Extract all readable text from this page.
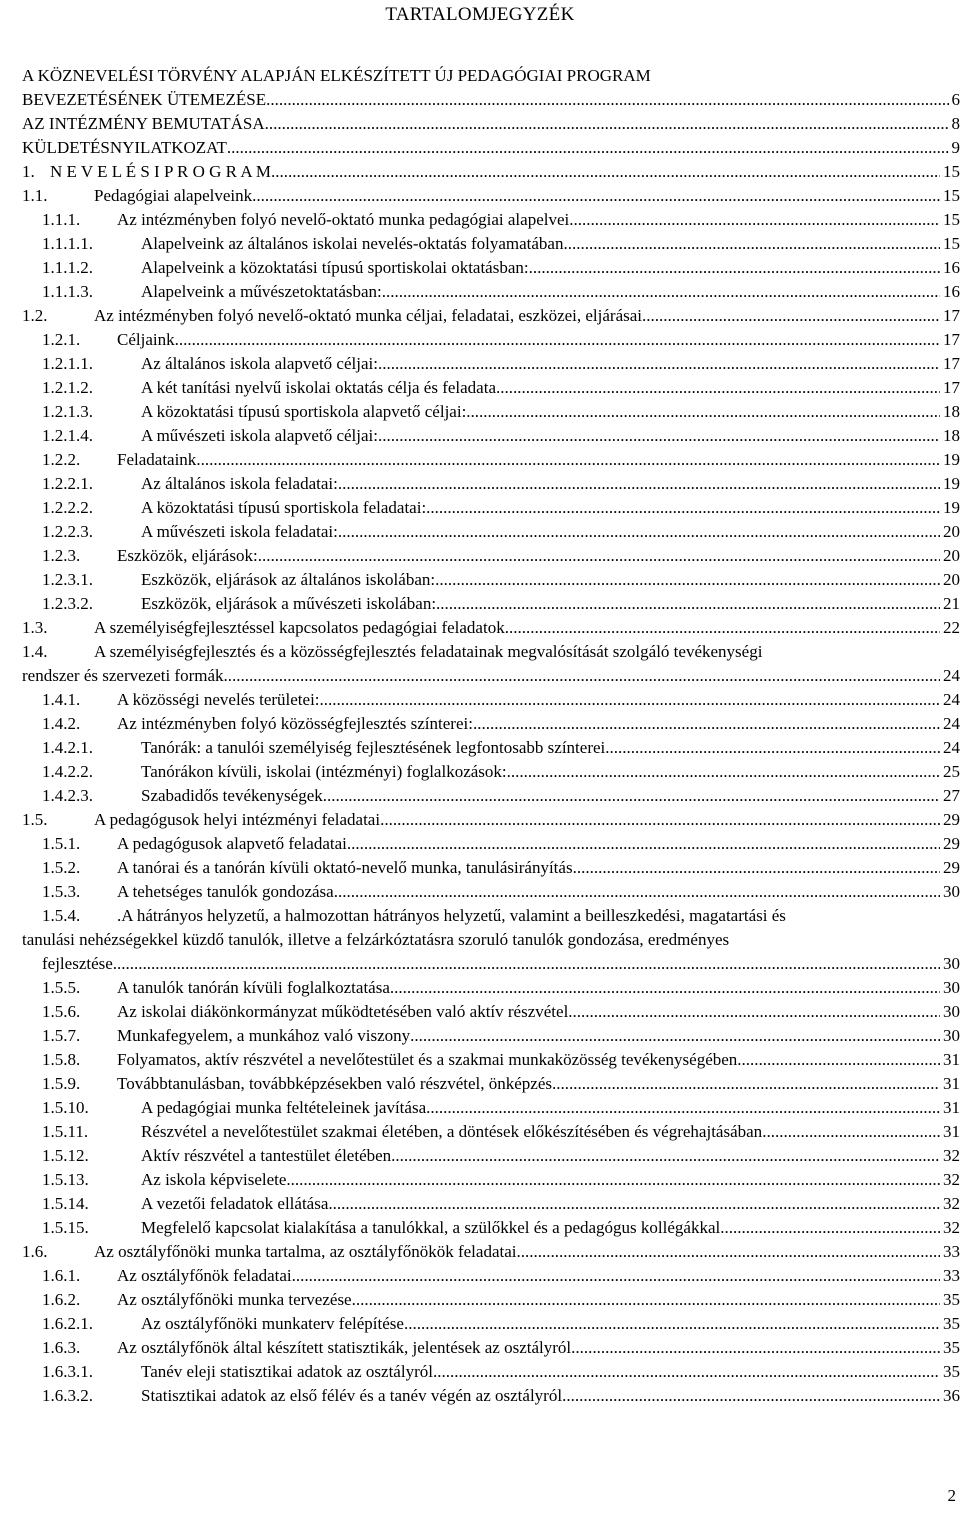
TARTALOMJEGYZÉK
A KÖZNEVELÉSI TÖRVÉNY ALAPJÁN ELKÉSZÍTETT ÚJ PEDAGÓGIAI PROGRAM
BEVEZETÉSÉNEK ÜTEMEZÉSE .....	6
AZ INTÉZMÉNY BEMUTATÁSA .....	8
KÜLDETÉSNYILATKOZAT .....	9
1. N E V E L É S I P R O G R A M .....	15
1.1.	Pedagógiai alapelveink .....	15
1.1.1. Az intézményben folyó nevelő-oktató munka pedagógiai alapelvei .....	15
1.1.1.1.	Alapelveink az általános iskolai nevelés-oktatás folyamatában .....	15
1.1.1.2.	Alapelveink a közoktatási típusú sportiskolai oktatásban: .....	16
1.1.1.3.	Alapelveink a művészetoktatásban: .....	16
1.2.	Az intézményben folyó nevelő-oktató munka céljai, feladatai, eszközei, eljárásai .....	17
1.2.1. Céljaink .....	17
1.2.1.1.	Az általános iskola alapvető céljai: .....	17
1.2.1.2.	A két tanítási nyelvű iskolai oktatás célja és feladata .....	17
1.2.1.3.	A közoktatási típusú sportiskola alapvető céljai: .....	18
1.2.1.4.	A művészeti iskola alapvető céljai: .....	18
1.2.2. Feladataink .....	19
1.2.2.1.	Az általános iskola feladatai: .....	19
1.2.2.2.	A közoktatási típusú sportiskola feladatai: .....	19
1.2.2.3.	A művészeti iskola feladatai: .....	20
1.2.3. Eszközök, eljárások: .....	20
1.2.3.1.	Eszközök, eljárások az általános iskolában: .....	20
1.2.3.2.	Eszközök, eljárások a művészeti iskolában: .....	21
1.3.	A személyiségfejlesztéssel kapcsolatos pedagógiai feladatok .....	22
1.4.	A személyiségfejlesztés és a közösségfejlesztés feladatainak megvalósítását szolgáló tevékenységi
rendszer és szervezeti formák .....	24
1.4.1. A közösségi nevelés területei: .....	24
1.4.2. Az intézményben folyó közösségfejlesztés színterei: .....	24
1.4.2.1.	Tanórák: a tanulói személyiség fejlesztésének legfontosabb színterei .....	24
1.4.2.2.	Tanórákon kívüli, iskolai (intézményi) foglalkozások: .....	25
1.4.2.3.	Szabadidős tevékenységek .....	27
1.5.	A pedagógusok helyi intézményi feladatai .....	29
1.5.1. A pedagógusok alapvető feladatai .....	29
1.5.2. A tanórai és a tanórán kívüli oktató-nevelő munka, tanulásirányítás .....	29
1.5.3. A tehetséges tanulók gondozása .....	30
1.5.4. .A hátrányos helyzetű, a halmozottan hátrányos helyzetű, valamint a beilleszkedési, magatartási és
tanulási nehézségekkel küzdő tanulók, illetve a felzárkóztatásra szoruló tanulók gondozása, eredményes
fejlesztése .....	30
1.5.5. A tanulók tanórán kívüli foglalkoztatása .....	30
1.5.6. Az iskolai diákönkormányzat működtetésében való aktív részvétel .....	30
1.5.7. Munkafegyelem, a munkához való viszony .....	30
1.5.8. Folyamatos, aktív részvétel a nevelőtestület és a szakmai munkaközösség tevékenységében .....	31
1.5.9. Továbbtanulásban, továbbképzésekben való részvétel, önképzés .....	31
1.5.10.	A pedagógiai munka feltételeinek javítása .....	31
1.5.11.	Részvétel a nevelőtestület szakmai életében, a döntések előkészítésében és végrehajtásában .....	31
1.5.12.	Aktív részvétel a tantestület életében .....	32
1.5.13.	Az iskola képviselete .....	32
1.5.14.	A vezetői feladatok ellátása .....	32
1.5.15.	Megfelelő kapcsolat kialakítása a tanulókkal, a szülőkkel és a pedagógus kollégákkal .....	32
1.6.	Az osztályfőnöki munka tartalma, az osztályfőnökök feladatai .....	33
1.6.1. Az osztályfőnök feladatai .....	33
1.6.2. Az osztályfőnöki munka tervezése .....	35
1.6.2.1.	Az osztályfőnöki munkaterv felépítése .....	35
1.6.3. Az osztályfőnök által készített statisztikák, jelentések az osztályról .....	35
1.6.3.1.	Tanév eleji statisztikai adatok az osztályról .....	35
1.6.3.2.	Statisztikai adatok az első félév és a tanév végén az osztályról .....	36
2
